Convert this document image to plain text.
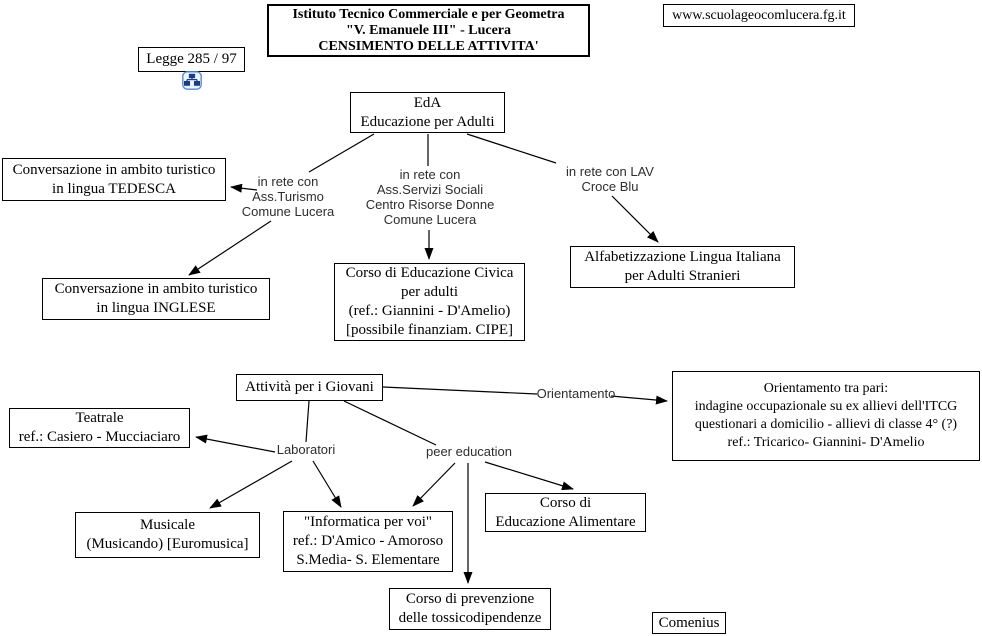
Istituto Tecnico Commerciale e per Geometra
"V. Emanuele III" - Lucera
CENSIMENTO DELLE ATTIVITA'
www.scuolageocomlucera.fg.it
Legge 285 / 97
EdA
Educazione per Adulti
Conversazione in ambito turistico
in lingua TEDESCA
Conversazione in ambito turistico
in lingua INGLESE
Corso di Educazione Civica
per adulti
(ref.: Giannini - D'Amelio)
[possibile finanziam. CIPE]
Alfabetizzazione Lingua Italiana
per Adulti Stranieri
Attività per i Giovani	Orientamento tra pari:
indagine occupazionale su ex allievi dell'ITCG
questionari a domicilio - allievi di classe 4° (?)
ref.: Tricarico- Giannini- D'Amelio
Teatrale
ref.: Casiero - Mucciaciaro
Musicale
(Musicando) [Euromusica]
"Informatica per voi"
ref.: D'Amico - Amoroso
S.Media- S. Elementare
Corso di
Educazione Alimentare
Corso di prevenzione
delle tossicodipendenze	Comenius
in rete con
Ass.Turismo
Comune Lucera
in rete con
Ass.Servizi Sociali
Centro Risorse Donne
Comune Lucera
in rete con LAV
Croce Blu
Orientamento
Laboratori	peer education
